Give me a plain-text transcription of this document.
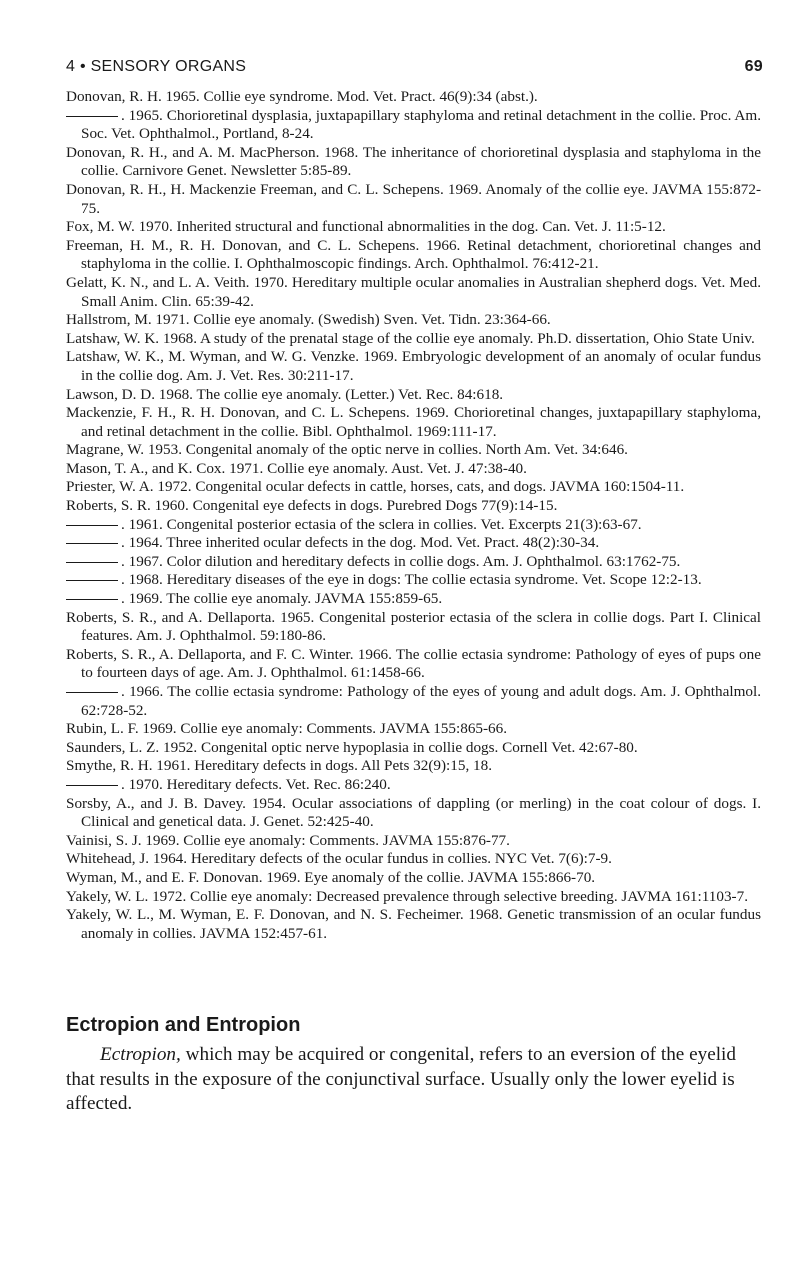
4 • SENSORY ORGANS	69

Donovan, R. H. 1965. Collie eye syndrome. Mod. Vet. Pract. 46(9):34 (abst.).

. 1965. Chorioretinal dysplasia, juxtapapillary staphyloma and retinal detachment in the collie. Proc. Am. Soc. Vet. Ophthalmol., Portland, 8-24.

Donovan, R. H., and A. M. MacPherson. 1968. The inheritance of chorioretinal dysplasia and staphyloma in the collie. Carnivore Genet. Newsletter 5:85-89.

Donovan, R. H., H. Mackenzie Freeman, and C. L. Schepens. 1969. Anomaly of the collie eye. JAVMA 155:872-75.

Fox, M. W. 1970. Inherited structural and functional abnormalities in the dog. Can. Vet. J. 11:5-12.

Freeman, H. M., R. H. Donovan, and C. L. Schepens. 1966. Retinal detachment, chorioretinal changes and staphyloma in the collie. I. Ophthalmoscopic findings. Arch. Ophthalmol. 76:412-21.

Gelatt, K. N., and L. A. Veith. 1970. Hereditary multiple ocular anomalies in Australian shepherd dogs. Vet. Med. Small Anim. Clin. 65:39-42.

Hallstrom, M. 1971. Collie eye anomaly. (Swedish) Sven. Vet. Tidn. 23:364-66.

Latshaw, W. K. 1968. A study of the prenatal stage of the collie eye anomaly. Ph.D. dissertation, Ohio State Univ.

Latshaw, W. K., M. Wyman, and W. G. Venzke. 1969. Embryologic development of an anomaly of ocular fundus in the collie dog. Am. J. Vet. Res. 30:211-17.

Lawson, D. D. 1968. The collie eye anomaly. (Letter.) Vet. Rec. 84:618.

Mackenzie, F. H., R. H. Donovan, and C. L. Schepens. 1969. Chorioretinal changes, juxtapapillary staphyloma, and retinal detachment in the collie. Bibl. Ophthalmol. 1969:111-17.

Magrane, W. 1953. Congenital anomaly of the optic nerve in collies. North Am. Vet. 34:646.

Mason, T. A., and K. Cox. 1971. Collie eye anomaly. Aust. Vet. J. 47:38-40.

Priester, W. A. 1972. Congenital ocular defects in cattle, horses, cats, and dogs. JAVMA 160:1504-11.

Roberts, S. R. 1960. Congenital eye defects in dogs. Purebred Dogs 77(9):14-15.

. 1961. Congenital posterior ectasia of the sclera in collies. Vet. Excerpts 21(3):63-67.

. 1964. Three inherited ocular defects in the dog. Mod. Vet. Pract. 48(2):30-34.

. 1967. Color dilution and hereditary defects in collie dogs. Am. J. Ophthalmol. 63:1762-75.

. 1968. Hereditary diseases of the eye in dogs: The collie ectasia syndrome. Vet. Scope 12:2-13.

. 1969. The collie eye anomaly. JAVMA 155:859-65.

Roberts, S. R., and A. Dellaporta. 1965. Congenital posterior ectasia of the sclera in collie dogs. Part I. Clinical features. Am. J. Ophthalmol. 59:180-86.

Roberts, S. R., A. Dellaporta, and F. C. Winter. 1966. The collie ectasia syndrome: Pathology of eyes of pups one to fourteen days of age. Am. J. Ophthalmol. 61:1458-66.

. 1966. The collie ectasia syndrome: Pathology of the eyes of young and adult dogs. Am. J. Ophthalmol. 62:728-52.

Rubin, L. F. 1969. Collie eye anomaly: Comments. JAVMA 155:865-66.

Saunders, L. Z. 1952. Congenital optic nerve hypoplasia in collie dogs. Cornell Vet. 42:67-80.

Smythe, R. H. 1961. Hereditary defects in dogs. All Pets 32(9):15, 18.

. 1970. Hereditary defects. Vet. Rec. 86:240.

Sorsby, A., and J. B. Davey. 1954. Ocular associations of dappling (or merling) in the coat colour of dogs. I. Clinical and genetical data. J. Genet. 52:425-40.

Vainisi, S. J. 1969. Collie eye anomaly: Comments. JAVMA 155:876-77.

Whitehead, J. 1964. Hereditary defects of the ocular fundus in collies. NYC Vet. 7(6):7-9.

Wyman, M., and E. F. Donovan. 1969. Eye anomaly of the collie. JAVMA 155:866-70.

Yakely, W. L. 1972. Collie eye anomaly: Decreased prevalence through selective breeding. JAVMA 161:1103-7.

Yakely, W. L., M. Wyman, E. F. Donovan, and N. S. Fecheimer. 1968. Genetic transmission of an ocular fundus anomaly in collies. JAVMA 152:457-61.

Ectropion and Entropion

Ectropion, which may be acquired or congenital, refers to an eversion of the eyelid that results in the exposure of the conjunctival surface. Usually only the lower eyelid is affected.
